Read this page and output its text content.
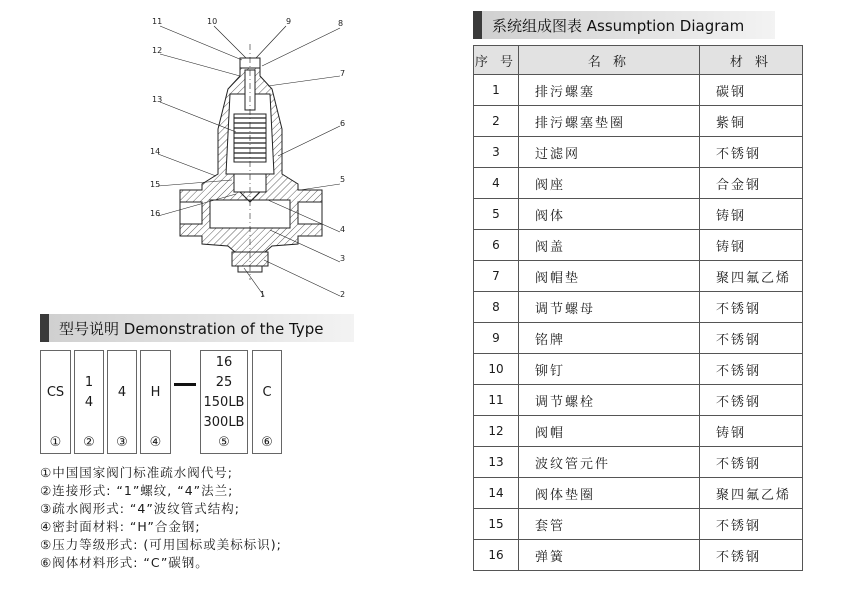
11	10	9	8
12
7
13
6
14
5
15
16
4
3
2
1
系统组成图表 Assumption Diagram
序 号	名 称	材 料
1	排污螺塞	碳钢
2	排污螺塞垫圈	紫铜
3	过滤网	不锈钢
4	阀座	合金钢
5	阀体	铸钢
6	阀盖	铸钢
7	阀帽垫	聚四氟乙烯
8	调节螺母	不锈钢
9	铭牌	不锈钢
10	铆钉	不锈钢
11	调节螺栓	不锈钢
12	阀帽	铸钢
13	波纹管元件	不锈钢
14	阀体垫圈	聚四氟乙烯
15	套管	不锈钢
16	弹簧	不锈钢
型号说明 Demonstration of the Type
CS
①
1
4
②
4
③
H
④
16
25
150LB
300LB
⑤
C
⑥
①中国国家阀门标准疏水阀代号;
②连接形式: “1”螺纹, “4”法兰;
③疏水阀形式: “4”波纹管式结构;
④密封面材料: “H”合金钢;
⑤压力等级形式: (可用国标或美标标识);
⑥阀体材料形式: “C”碳钢。
